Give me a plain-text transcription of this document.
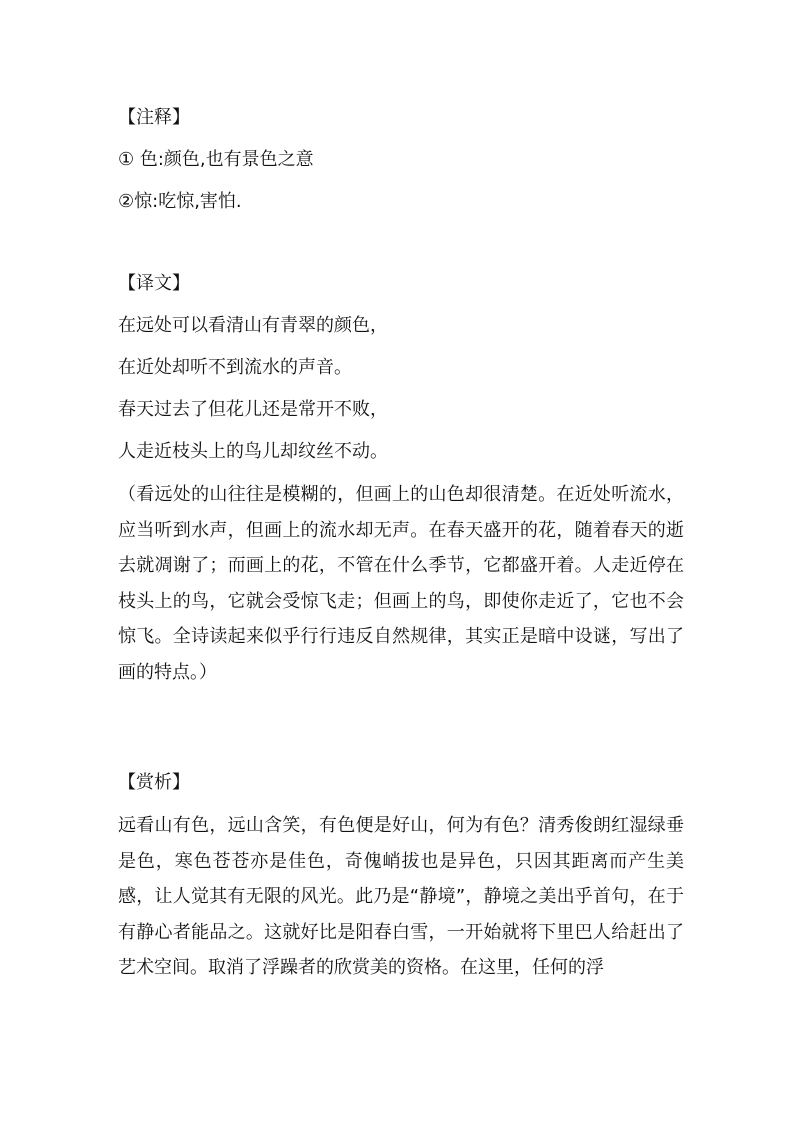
【注释】
① 色:颜色,也有景色之意
②惊:吃惊,害怕.
【译文】
在远处可以看清山有青翠的颜色，
在近处却听不到流水的声音。
春天过去了但花儿还是常开不败，
人走近枝头上的鸟儿却纹丝不动。
（看远处的山往往是模糊的，但画上的山色却很清楚。在近处听流水，应当听到水声，但画上的流水却无声。在春天盛开的花，随着春天的逝去就凋谢了；而画上的花，不管在什么季节，它都盛开着。人走近停在枝头上的鸟，它就会受惊飞走；但画上的鸟，即使你走近了，它也不会惊飞。全诗读起来似乎行行违反自然规律，其实正是暗中设谜，写出了画的特点。）
【赏析】
远看山有色，远山含笑，有色便是好山，何为有色？清秀俊朗红湿绿垂是色，寒色苍苍亦是佳色，奇傀峭拔也是异色，只因其距离而产生美感，让人觉其有无限的风光。此乃是“静境”，静境之美出乎首句，在于有静心者能品之。这就好比是阳春白雪，一开始就将下里巴人给赶出了艺术空间。取消了浮躁者的欣赏美的资格。在这里，任何的浮
